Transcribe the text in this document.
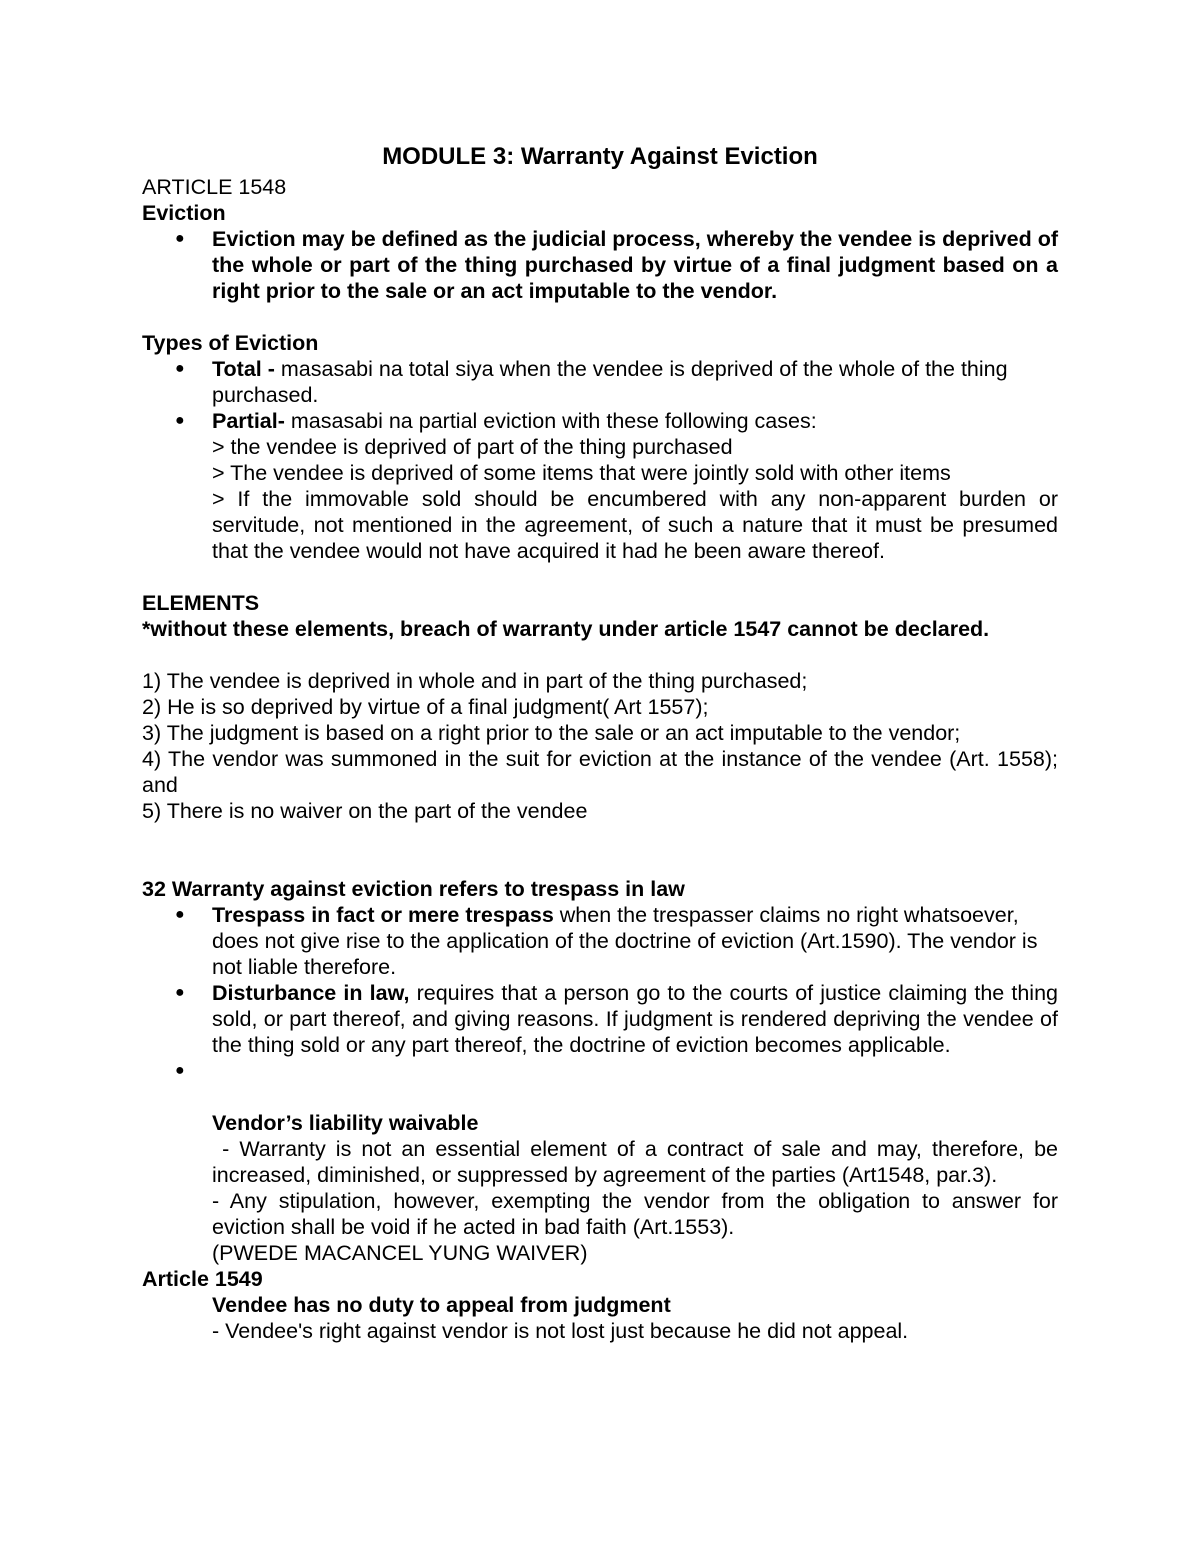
MODULE 3: Warranty Against Eviction

ARTICLE 1548

Eviction

● Eviction may be defined as the judicial process, whereby the vendee is deprived of the whole or part of the thing purchased by virtue of a final judgment based on a right prior to the sale or an act imputable to the vendor.

Types of Eviction

● Total - masasabi na total siya when the vendee is deprived of the whole of the thing purchased.
● Partial- masasabi na partial eviction with these following cases:
> the vendee is deprived of part of the thing purchased
> The vendee is deprived of some items that were jointly sold with other items
> If the immovable sold should be encumbered with any non-apparent burden or servitude, not mentioned in the agreement, of such a nature that it must be presumed that the vendee would not have acquired it had he been aware thereof.

ELEMENTS

*without these elements, breach of warranty under article 1547 cannot be declared.

1) The vendee is deprived in whole and in part of the thing purchased;

2) He is so deprived by virtue of a final judgment( Art 1557);

3) The judgment is based on a right prior to the sale or an act imputable to the vendor;

4) The vendor was summoned in the suit for eviction at the instance of the vendee (Art. 1558); and

5) There is no waiver on the part of the vendee

32 Warranty against eviction refers to trespass in law

● Trespass in fact or mere trespass when the trespasser claims no right whatsoever, does not give rise to the application of the doctrine of eviction (Art.1590). The vendor is not liable therefore.
● Disturbance in law, requires that a person go to the courts of justice claiming the thing sold, or part thereof, and giving reasons. If judgment is rendered depriving the vendee of the thing sold or any part thereof, the doctrine of eviction becomes applicable.
●

Vendor’s liability waivable

- Warranty is not an essential element of a contract of sale and may, therefore, be increased, diminished, or suppressed by agreement of the parties (Art1548, par.3).

- Any stipulation, however, exempting the vendor from the obligation to answer for eviction shall be void if he acted in bad faith (Art.1553).

(PWEDE MACANCEL YUNG WAIVER)

Article 1549

Vendee has no duty to appeal from judgment

- Vendee's right against vendor is not lost just because he did not appeal.
